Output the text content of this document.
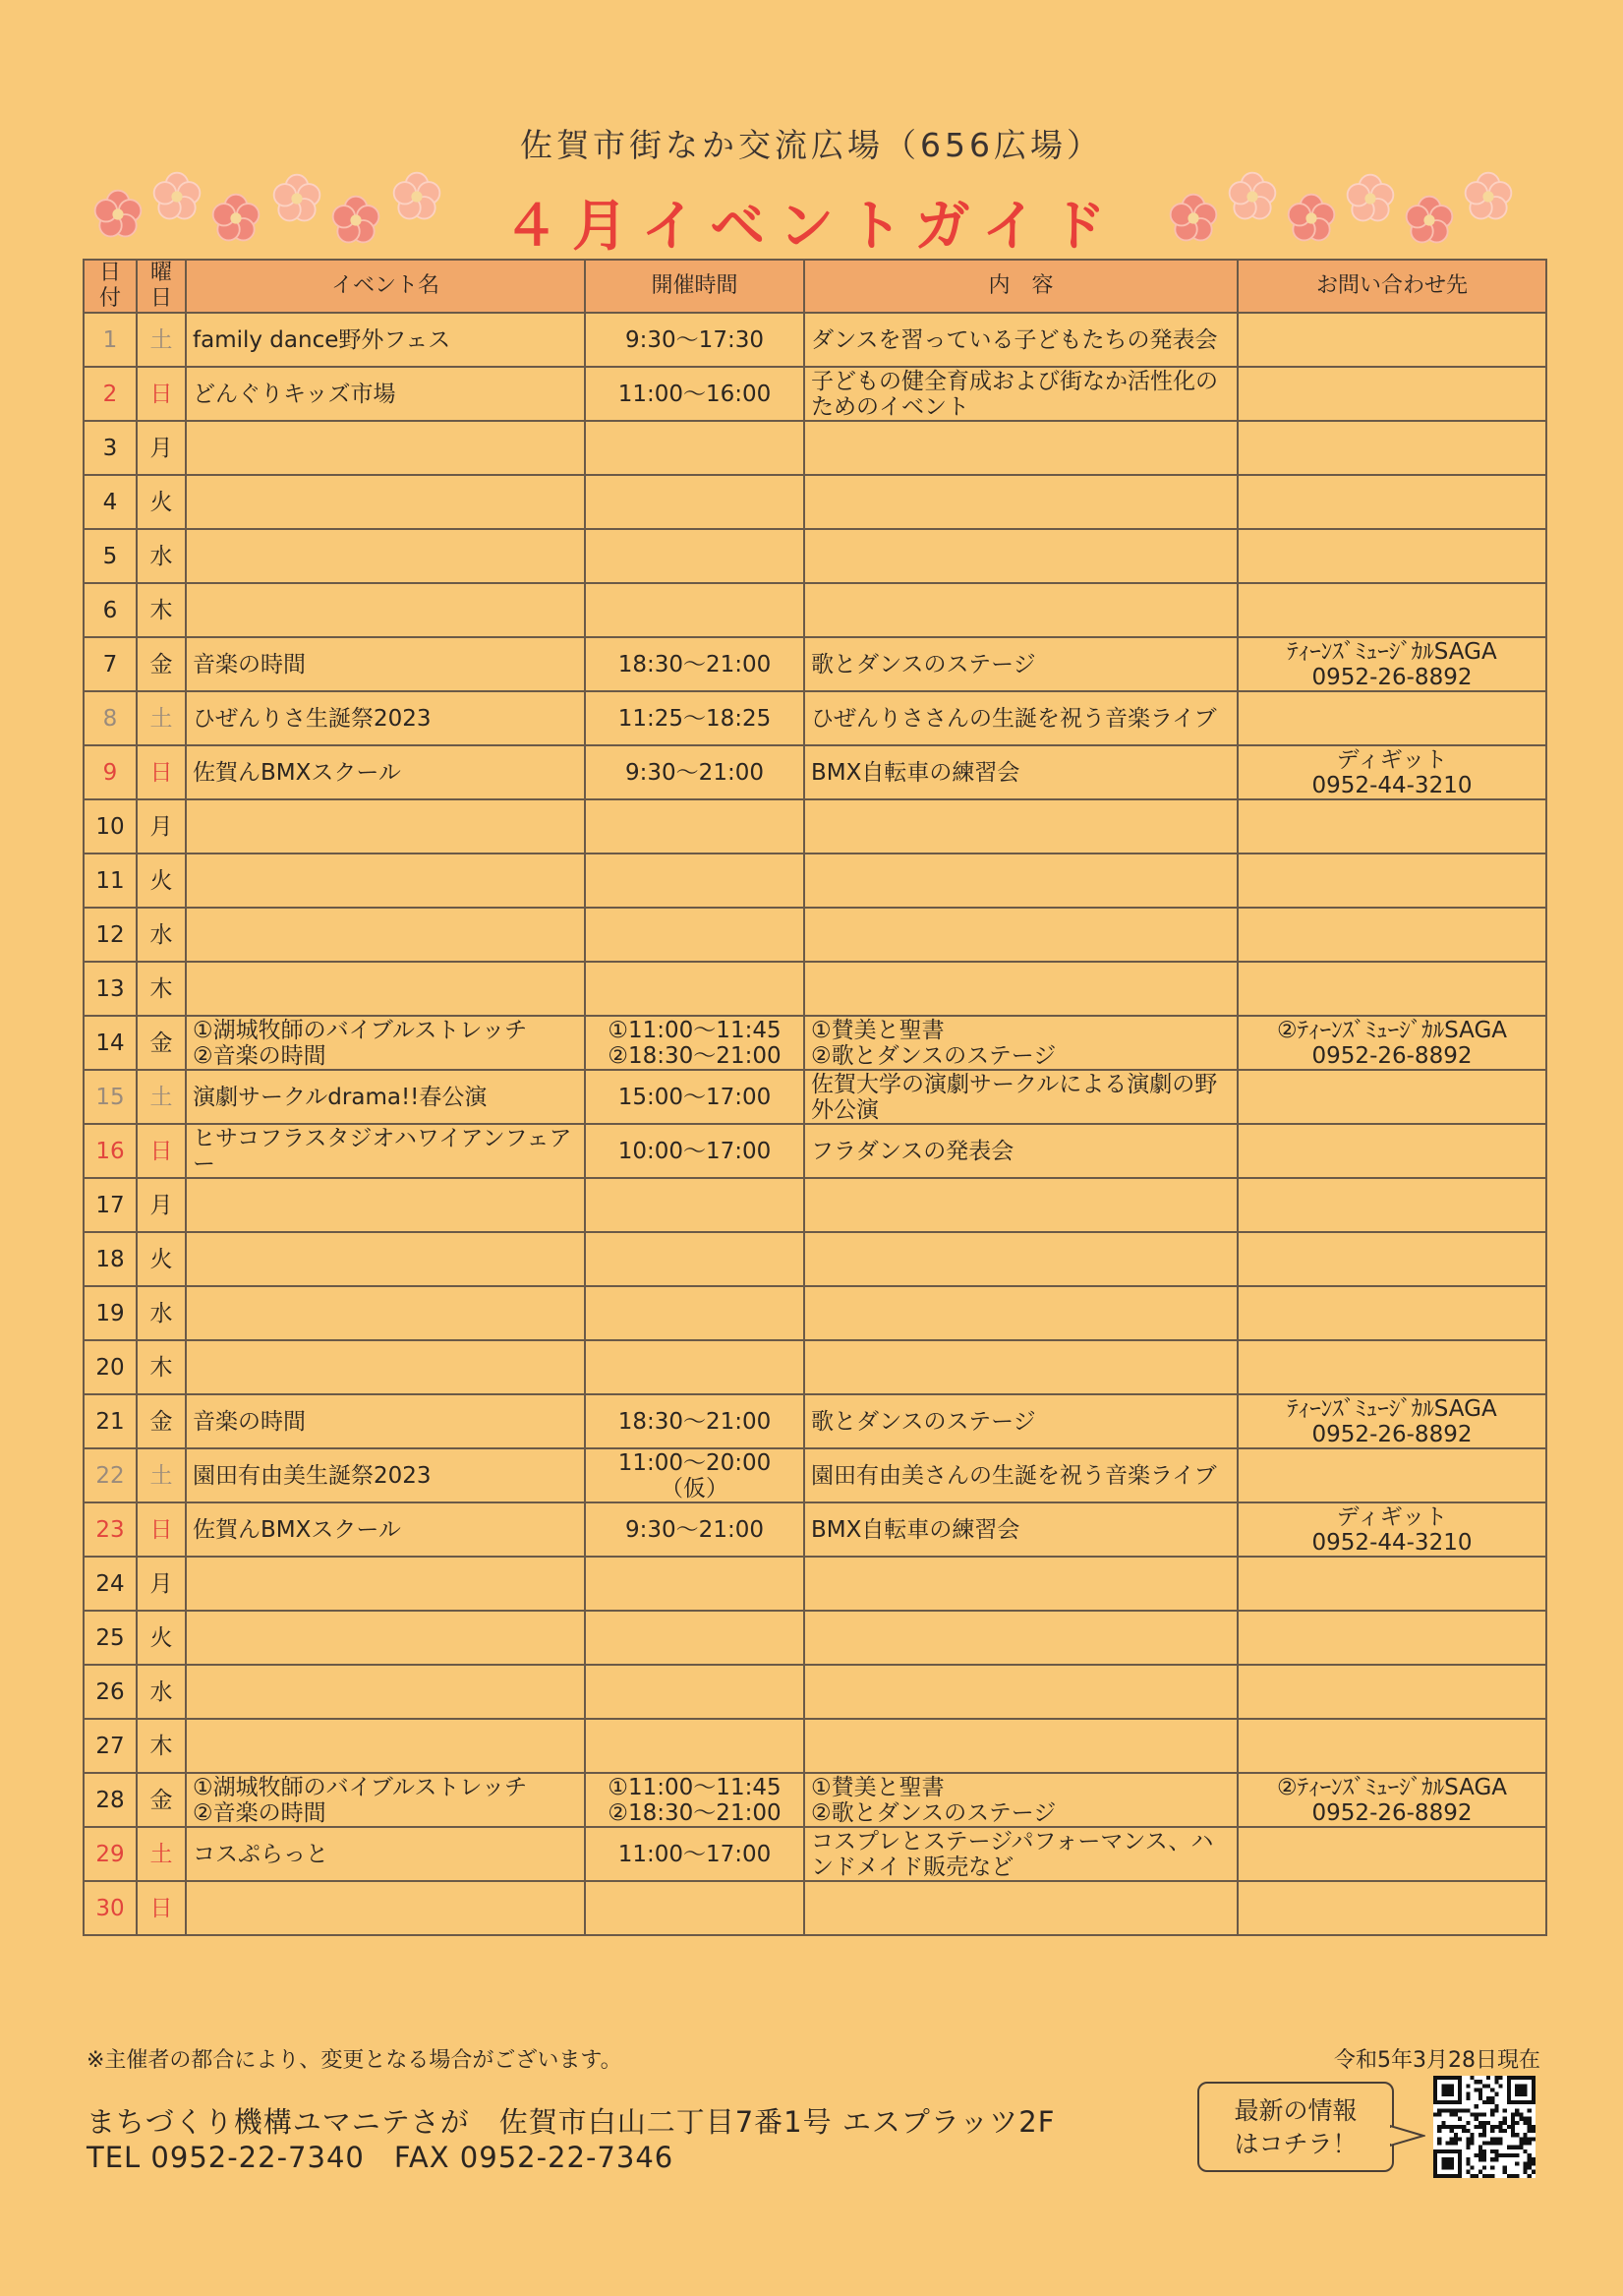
佐賀市街なか交流広場（656広場）
４月イベントガイド
日付	曜日	イベント名	開催時間	内　容	お問い合わせ先
1	土	family dance野外フェス	9:30～17:30	ダンスを習っている子どもたちの発表会	

2	日	どんぐりキッズ市場	11:00～16:00	子どもの健全育成および街なか活性化の
ためのイベント	

3	月				
4	火				
5	水				
6	木				
7	金	音楽の時間	18:30～21:00	歌とダンスのステージ	ﾃｨｰﾝｽﾞﾐｭｰｼﾞｶﾙSAGA
0952-26-8892

8	土	ひぜんりさ生誕祭2023	11:25～18:25	ひぜんりささんの生誕を祝う音楽ライブ	

9	日	佐賀んBMXスクール	9:30～21:00	BMX自転車の練習会	ディギット
0952-44-3210

10	月				
11	火				
12	水				
13	木				
14	金	①湖城牧師のバイブルストレッチ
②音楽の時間	①11:00～11:45
②18:30～21:00	①賛美と聖書
②歌とダンスのステージ	②ﾃｨｰﾝｽﾞﾐｭｰｼﾞｶﾙSAGA
0952-26-8892

15	土	演劇サークルdrama!!春公演	15:00～17:00	佐賀大学の演劇サークルによる演劇の野
外公演	

16	日	ヒサコフラスタジオハワイアンフェアー	10:00～17:00	フラダンスの発表会	

17	月				
18	火				
19	水				
20	木				
21	金	音楽の時間	18:30～21:00	歌とダンスのステージ	ﾃｨｰﾝｽﾞﾐｭｰｼﾞｶﾙSAGA
0952-26-8892

22	土	園田有由美生誕祭2023	11:00～20:00（仮）	園田有由美さんの生誕を祝う音楽ライブ	

23	日	佐賀んBMXスクール	9:30～21:00	BMX自転車の練習会	ディギット
0952-44-3210

24	月				
25	火				
26	水				
27	木				
28	金	①湖城牧師のバイブルストレッチ
②音楽の時間	①11:00～11:45
②18:30～21:00	①賛美と聖書
②歌とダンスのステージ	②ﾃｨｰﾝｽﾞﾐｭｰｼﾞｶﾙSAGA
0952-26-8892

29	土	コスぷらっと	11:00～17:00	コスプレとステージパフォーマンス、ハ
ンドメイド販売など	

30	日				
※主催者の都合により、変更となる場合がございます。	令和5年3月28日現在
まちづくり機構ユマニテさが　佐賀市白山二丁目7番1号 エスプラッツ2F
TEL 0952-22-7340　FAX 0952-22-7346
最新の情報
はコチラ！
